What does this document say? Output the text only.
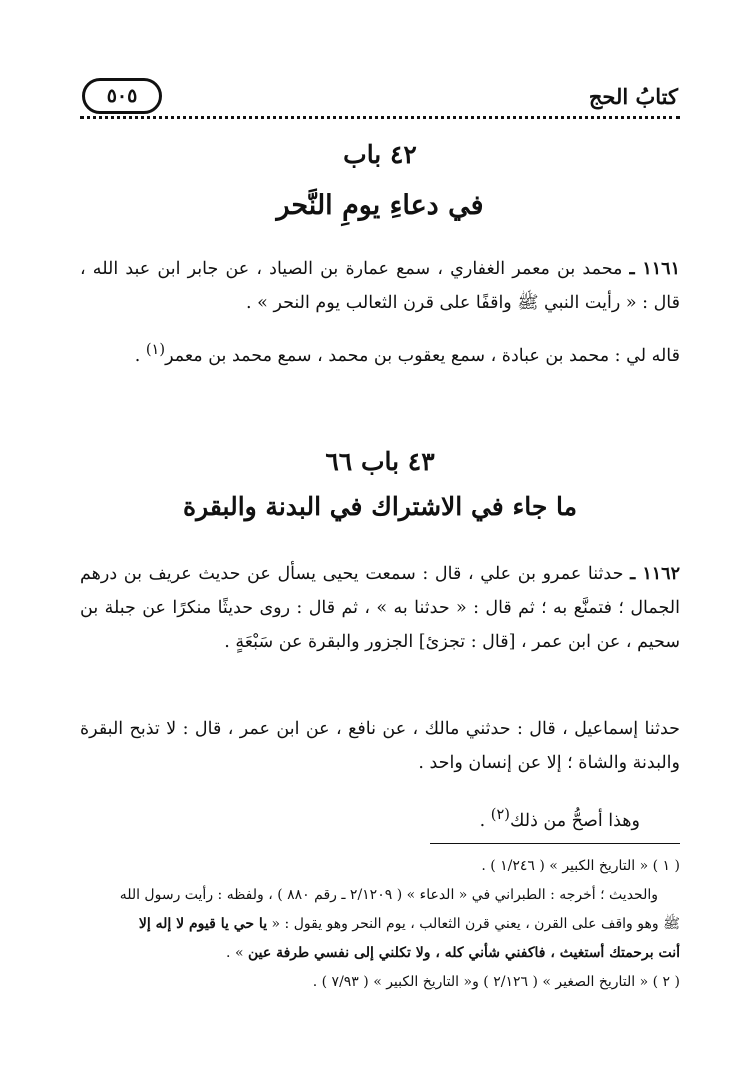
كتابُ الحج
٥٠٥
٤٢ باب
في دعاءِ يومِ النَّحر
١١٦١ ـ محمد بن معمر الغفاري ، سمع عمارة بن الصياد ، عن جابر ابن عبد الله ، قال : « رأيت النبي ﷺ واقفًا على قرن الثعالب يوم النحر » .
قاله لي : محمد بن عبادة ، سمع يعقوب بن محمد ، سمع محمد بن معمر$^{(١)}$ .
٤٣ باب ٦٦
ما جاء في الاشتراك في البدنة والبقرة
١١٦٢ ـ حدثنا عمرو بن علي ، قال : سمعت يحيى يسأل عن حديث عريف بن درهم الجمال ؛ فتمنَّع به ؛ ثم قال : « حدثنا به » ، ثم قال : روى حديثًا منكرًا عن جبلة بن سحيم ، عن ابن عمر ، [قال : تجزئ] الجزور والبقرة عن سَبْعَةٍ .
حدثنا إسماعيل ، قال : حدثني مالك ، عن نافع ، عن ابن عمر ، قال : لا تذبح البقرة والبدنة والشاة ؛ إلا عن إنسان واحد .
وهذا أصحُّ من ذلك$^{(٢)}$ .
( ١ ) « التاريخ الكبير » ( ١/٢٤٦ ) .
والحديث ؛ أخرجه : الطبراني في « الدعاء » ( ٢/١٢٠٩ ـ رقم ٨٨٠ ) ، ولفظه : رأيت رسول الله
ﷺ وهو واقف على القرن ، يعني قرن الثعالب ، يوم النحر وهو يقول : « يا حي يا قيوم لا إله إلا
أنت برحمتك أستغيث ، فاكفني شأني كله ، ولا تكلني إلى نفسي طرفة عين » .
( ٢ ) « التاريخ الصغير » ( ٢/١٢٦ ) و« التاريخ الكبير » ( ٧/٩٣ ) .
